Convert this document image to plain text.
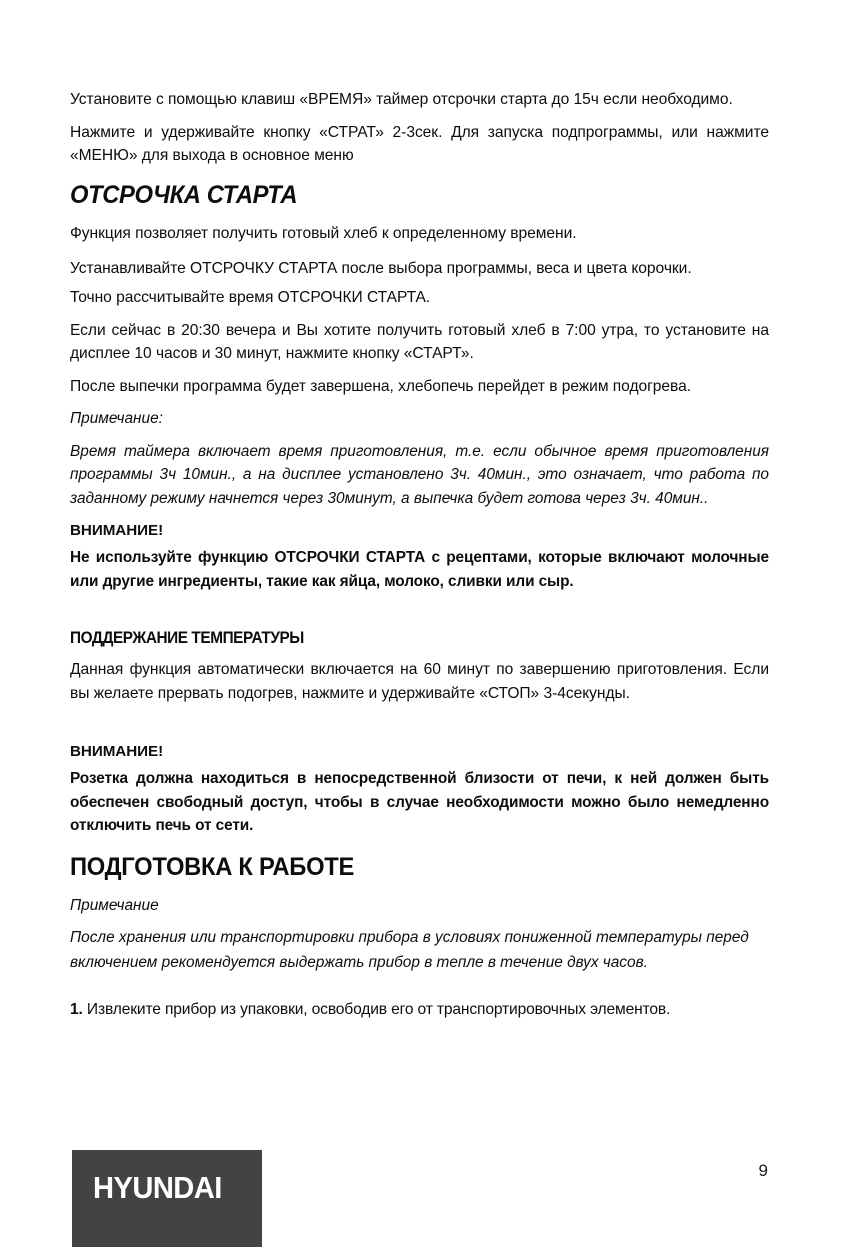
Установите с помощью клавиш «ВРЕМЯ» таймер отсрочки старта до 15ч если необходимо.

Нажмите и удерживайте кнопку «СТРАТ» 2-3сек. Для запуска подпрограммы, или нажмите «МЕНЮ» для выхода в основное меню

ОТСРОЧКА СТАРТА

Функция позволяет получить готовый хлеб к определенному времени.

Устанавливайте ОТСРОЧКУ СТАРТА после выбора программы, веса и цвета корочки.

Точно рассчитывайте время ОТСРОЧКИ СТАРТА.

Если сейчас в 20:30 вечера и Вы хотите получить готовый хлеб в 7:00 утра, то установите на дисплее 10 часов и 30 минут, нажмите кнопку «СТАРТ».

После выпечки программа будет завершена, хлебопечь перейдет в режим подогрева.

Примечание:

Время таймера включает время приготовления, т.е. если обычное время приготовления программы 3ч 10мин., а на дисплее установлено 3ч. 40мин., это означает, что работа по заданному режиму начнется через 30минут, а выпечка будет готова через 3ч. 40мин..

ВНИМАНИЕ!

Не используйте функцию ОТСРОЧКИ СТАРТА с рецептами, которые включают молочные или другие ингредиенты, такие как яйца, молоко, сливки или сыр.

ПОДДЕРЖАНИЕ ТЕМПЕРАТУРЫ

Данная функция автоматически включается на 60 минут по завершению приготовления. Если вы желаете прервать подогрев, нажмите и удерживайте «СТОП» 3-4секунды.

ВНИМАНИЕ!

Розетка должна находиться в непосредственной близости от печи, к ней должен быть обеспечен свободный доступ, чтобы в случае необходимости можно было немедленно отключить печь от сети.

ПОДГОТОВКА К РАБОТЕ

Примечание

После хранения или транспортировки прибора в условиях пониженной температуры перед включением рекомендуется выдержать прибор в тепле в течение двух часов.

1. Извлеките прибор из упаковки, освободив его от транспортировочных элементов.

HYUNDAI	9
